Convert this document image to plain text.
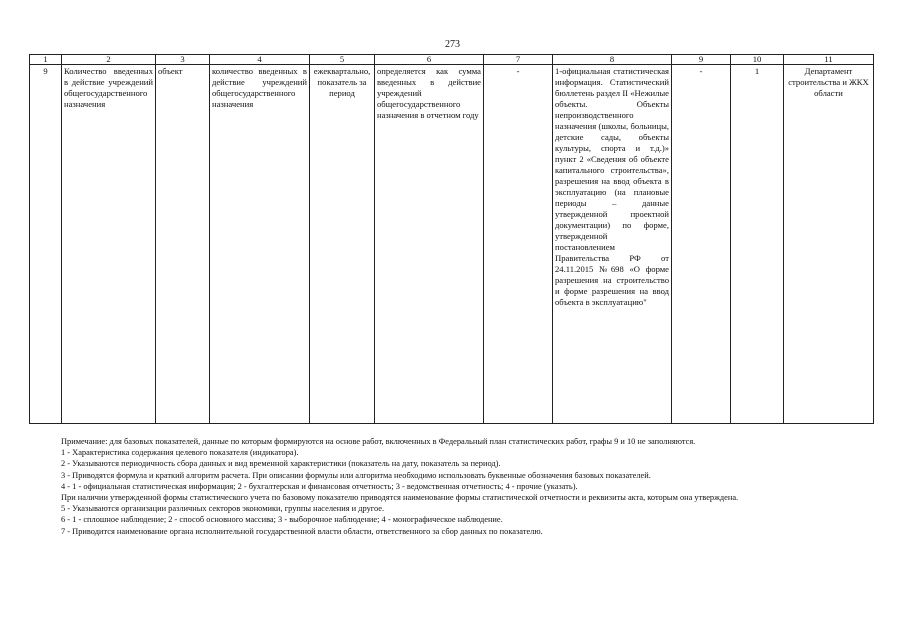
273
1	2	3	4	5	6	7	8	9	10	11
9	Количество введенных в действие учреждений общегосударственного назначения	объект	количество введенных в действие учреждений общегосударственного назначения	ежеквартально, показатель за период	определяется как сумма введенных в действие учреждений общегосударственного назначения в отчетном году	-	1-официальная статистическая информация. Статистический бюллетень раздел II «Нежилые объекты. Объекты непроизводственного назначения (школы, больницы, детские сады, объекты культуры, спорта и т.д.)» пункт 2 «Сведения об объекте капитального строительства», разрешения на ввод объекта в эксплуатацию (на плановые периоды – данные утвержденной проектной документации) по форме, утвержденной постановлением Правительства РФ от 24.11.2015 №698 «О форме разрешения на строительство и форме разрешения на ввод объекта в эксплуатацию"	-	1	Департамент строительства и ЖКХ области

Примечание: для базовых показателей, данные по которым формируются на основе работ, включенных в Федеральный план статистических работ, графы 9 и 10 не заполняются.

1 - Характеристика содержания целевого показателя (индикатора).

2 - Указываются периодичность сбора данных и вид временной характеристики (показатель на дату, показатель за период).

3 - Приводятся формула и краткий алгоритм расчета. При описании формулы или алгоритма необходимо использовать буквенные обозначения базовых показателей.

4 - 1 - официальная статистическая информация; 2 - бухгалтерская и финансовая отчетность; 3 - ведомственная отчетность; 4 - прочие (указать).

При наличии утвержденной формы статистического учета по базовому показателю приводятся наименование формы статистической отчетности и реквизиты акта, которым она утверждена.

5 - Указываются организации различных секторов экономики, группы населения и другое.

6 - 1 - сплошное наблюдение; 2 - способ основного массива; 3 - выборочное наблюдение; 4 - монографическое наблюдение.

7 - Приводится наименование органа исполнительной государственной власти области, ответственного за сбор данных по показателю.
